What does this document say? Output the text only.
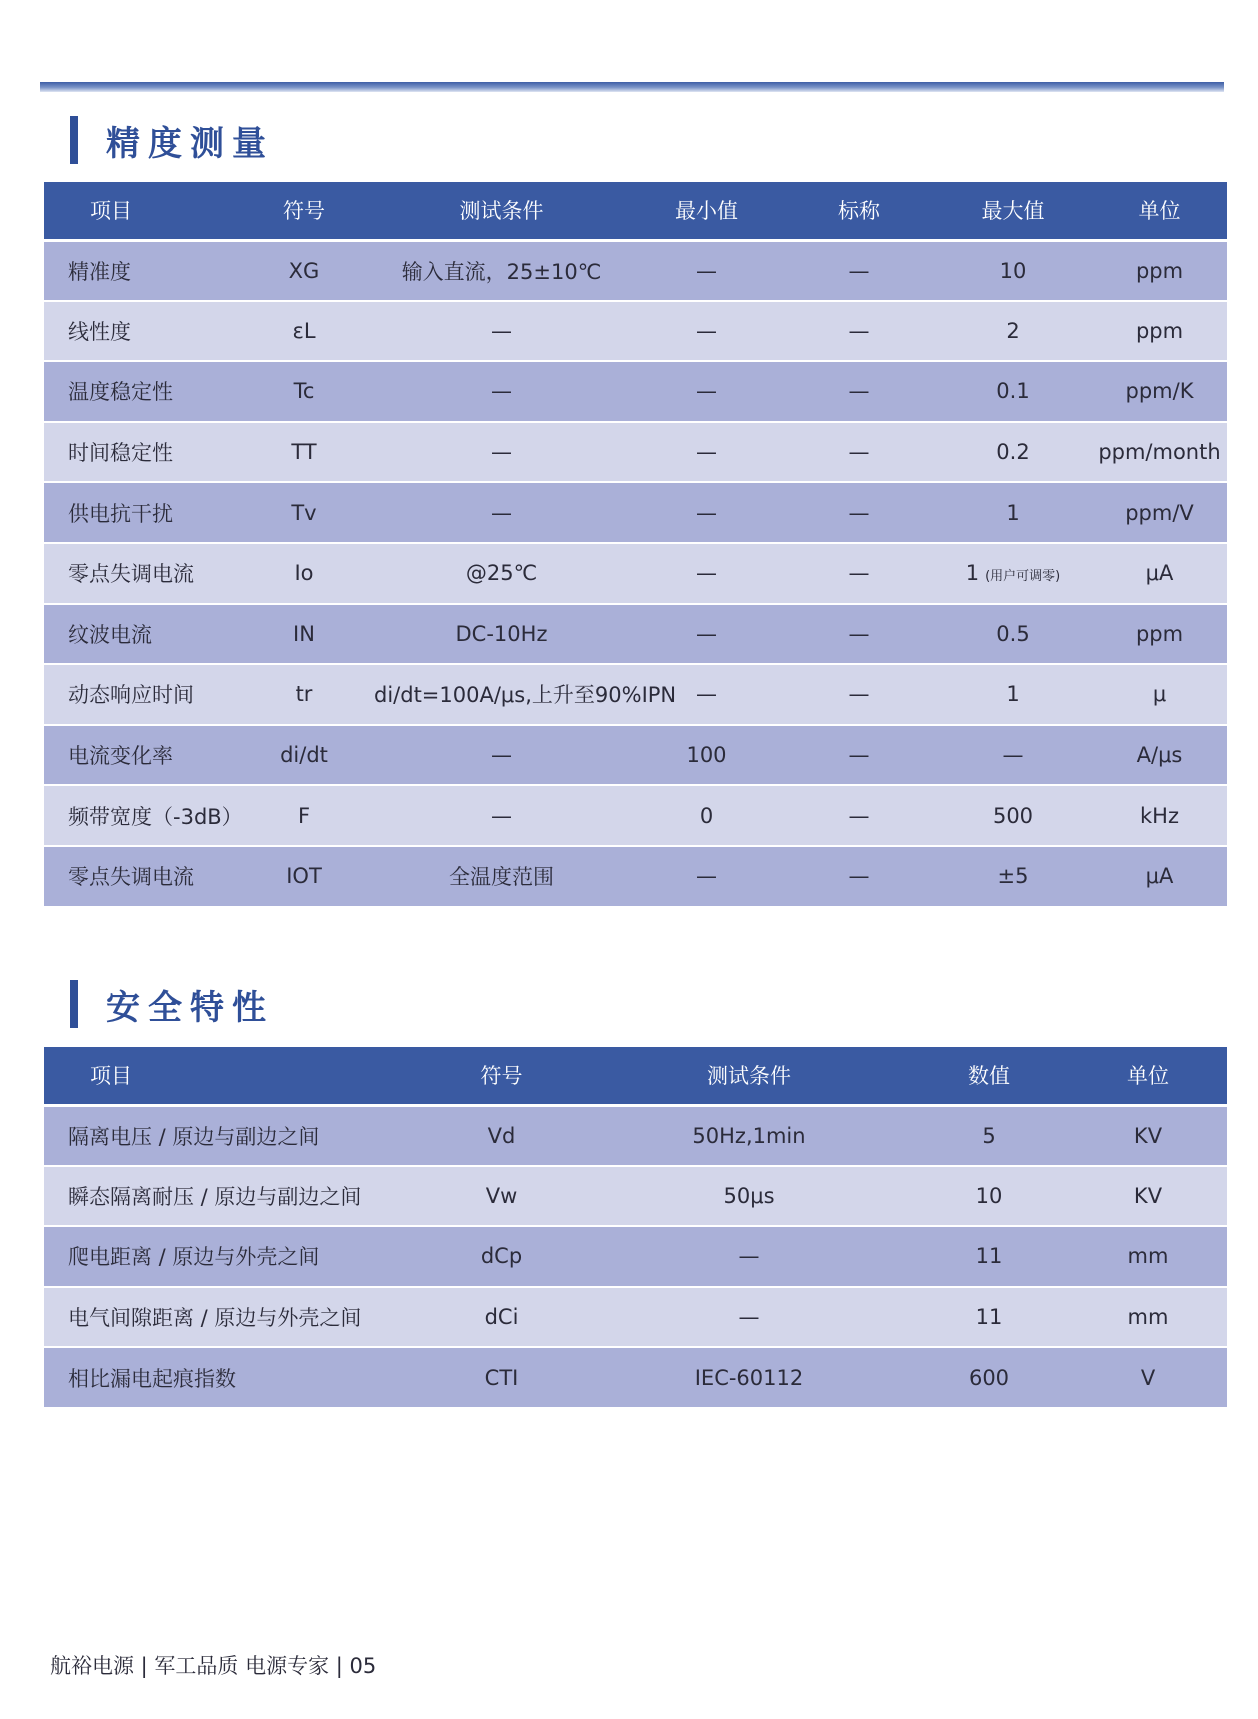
精度测量
项目	符号	测试条件	最小值	标称	最大值	单位
精准度	XG	输入直流，25±10℃	—	—	10	ppm
线性度	εL	—	—	—	2	ppm
温度稳定性	Tc	—	—	—	0.1	ppm/K
时间稳定性	TT	—	—	—	0.2	ppm/month
供电抗干扰	Tv	—	—	—	1	ppm/V
零点失调电流	Io	@25℃	—	—	1 (用户可调零)	μA
纹波电流	IN	DC-10Hz	—	—	0.5	ppm
动态响应时间	tr	di/dt=100A/μs,上升至90%IPN	—	—	1	μ
电流变化率	di/dt	—	100	—	—	A/μs
频带宽度（-3dB）	F	—	0	—	500	kHz
零点失调电流	IOT	全温度范围	—	—	±5	μA
安全特性
项目	符号	测试条件	数值	单位
隔离电压 / 原边与副边之间	Vd	50Hz,1min	5	KV
瞬态隔离耐压 / 原边与副边之间	Vw	50μs	10	KV
爬电距离 / 原边与外壳之间	dCp	—	11	mm
电气间隙距离 / 原边与外壳之间	dCi	—	11	mm
相比漏电起痕指数	CTI	IEC-60112	600	V
航裕电源 | 军工品质 电源专家 | 05
